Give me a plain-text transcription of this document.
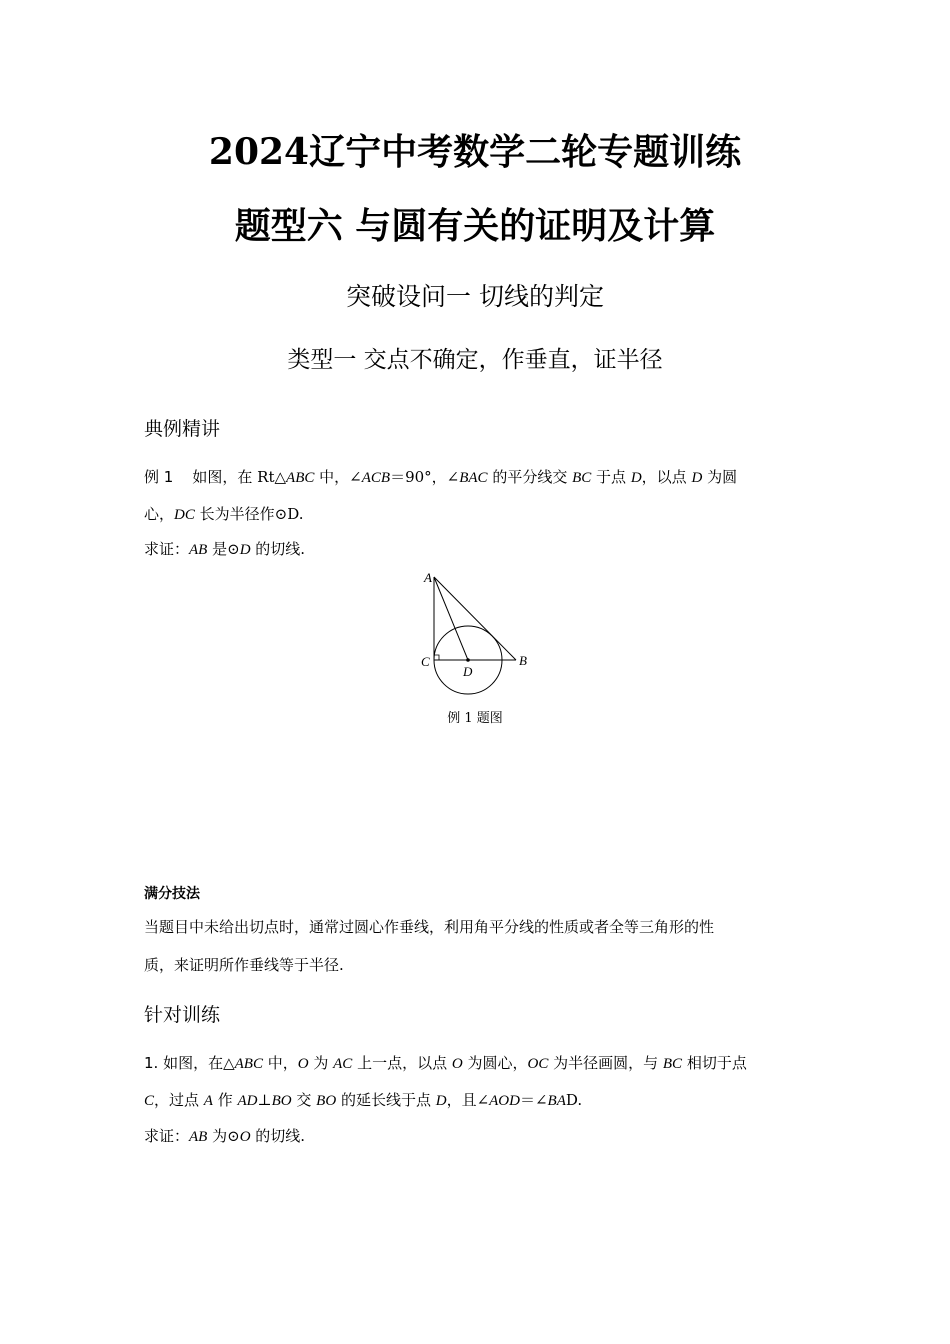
2024辽宁中考数学二轮专题训练
题型六 与圆有关的证明及计算
突破设问一 切线的判定
类型一 交点不确定，作垂直，证半径
典例精讲
例 1 如图，在 Rt△ABC 中，∠ACB＝90°，∠BAC 的平分线交 BC 于点 D，以点 D 为圆
心，DC 长为半径作⊙D.
求证：AB 是⊙D 的切线.
A
C
D
B
例 1 题图
满分技法
当题目中未给出切点时，通常过圆心作垂线，利用角平分线的性质或者全等三角形的性
质，来证明所作垂线等于半径.
针对训练
1. 如图，在△ABC 中，O 为 AC 上一点，以点 O 为圆心，OC 为半径画圆，与 BC 相切于点
C，过点 A 作 AD⊥BO 交 BO 的延长线于点 D，且∠AOD＝∠BAD.
求证：AB 为⊙O 的切线.
